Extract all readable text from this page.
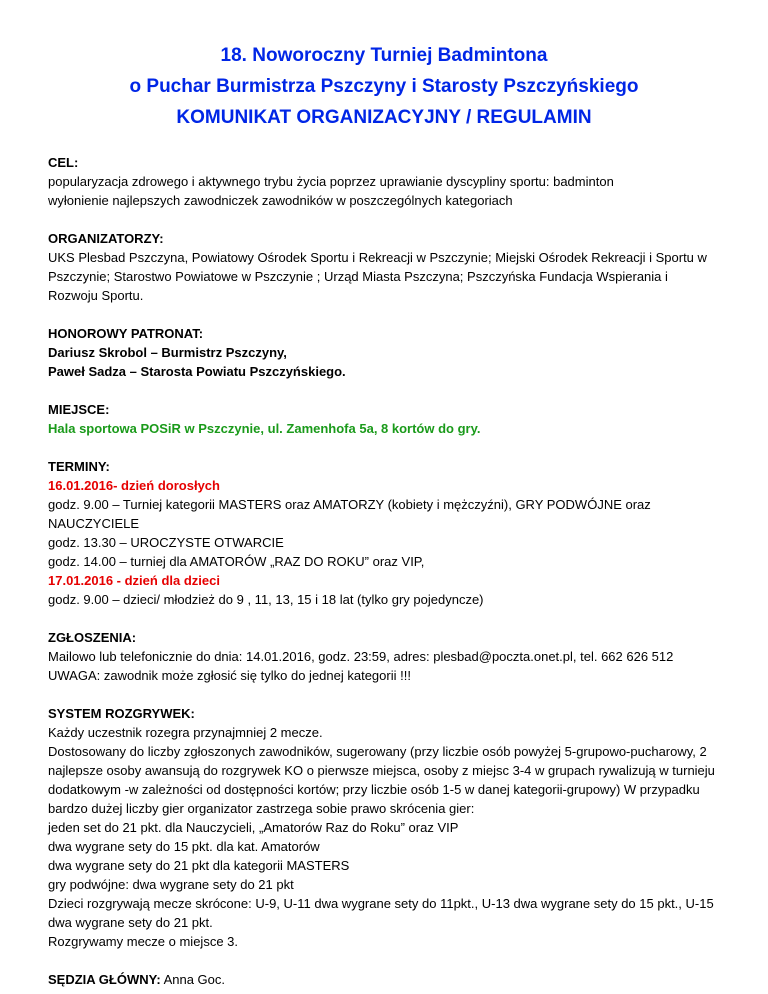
18. Noworoczny Turniej Badmintona
o Puchar Burmistrza Pszczyny i Starosty Pszczyńskiego
KOMUNIKAT ORGANIZACYJNY / REGULAMIN

CEL:

popularyzacja zdrowego i aktywnego trybu życia poprzez uprawianie dyscypliny sportu: badminton

wyłonienie najlepszych zawodniczek zawodników w poszczególnych kategoriach

ORGANIZATORZY:

UKS Plesbad Pszczyna, Powiatowy Ośrodek Sportu i Rekreacji w Pszczynie; Miejski Ośrodek Rekreacji i Sportu w Pszczynie; Starostwo Powiatowe w Pszczynie ; Urząd Miasta Pszczyna; Pszczyńska Fundacja Wspierania i Rozwoju Sportu.

HONOROWY PATRONAT:

Dariusz Skrobol – Burmistrz Pszczyny,

Paweł Sadza – Starosta Powiatu Pszczyńskiego.

MIEJSCE:

Hala sportowa POSiR w Pszczynie, ul. Zamenhofa 5a, 8 kortów do gry.

TERMINY:

16.01.2016- dzień dorosłych

godz. 9.00 – Turniej kategorii MASTERS oraz AMATORZY (kobiety i mężczyźni), GRY PODWÓJNE oraz NAUCZYCIELE

godz. 13.30 – UROCZYSTE OTWARCIE

godz. 14.00 – turniej dla AMATORÓW „RAZ DO ROKU” oraz VIP,

17.01.2016 - dzień dla dzieci

godz. 9.00 – dzieci/ młodzież do 9 , 11, 13, 15 i 18 lat (tylko gry pojedyncze)

ZGŁOSZENIA:

Mailowo lub telefonicznie do dnia: 14.01.2016, godz. 23:59, adres: plesbad@poczta.onet.pl, tel. 662 626 512

UWAGA: zawodnik może zgłosić się tylko do jednej kategorii !!!

SYSTEM ROZGRYWEK:

Każdy uczestnik rozegra przynajmniej 2 mecze.

Dostosowany do liczby zgłoszonych zawodników, sugerowany (przy liczbie osób powyżej 5-grupowo-pucharowy, 2 najlepsze osoby awansują do rozgrywek KO o pierwsze miejsca, osoby z miejsc 3-4 w grupach rywalizują w turnieju dodatkowym -w zależności od dostępności kortów; przy liczbie osób 1-5 w danej kategorii-grupowy) W przypadku bardzo dużej liczby gier organizator zastrzega sobie prawo skrócenia gier:

jeden set do 21 pkt. dla Nauczycieli, „Amatorów Raz do Roku” oraz VIP

dwa wygrane sety do 15 pkt. dla kat. Amatorów

dwa wygrane sety do 21 pkt dla kategorii MASTERS

gry podwójne: dwa wygrane sety do 21 pkt

Dzieci rozgrywają mecze skrócone: U-9, U-11 dwa wygrane sety do 11pkt., U-13 dwa wygrane sety do 15 pkt., U-15 dwa wygrane sety do 21 pkt.

Rozgrywamy mecze o miejsce 3.

SĘDZIA GŁÓWNY: Anna Goc.
